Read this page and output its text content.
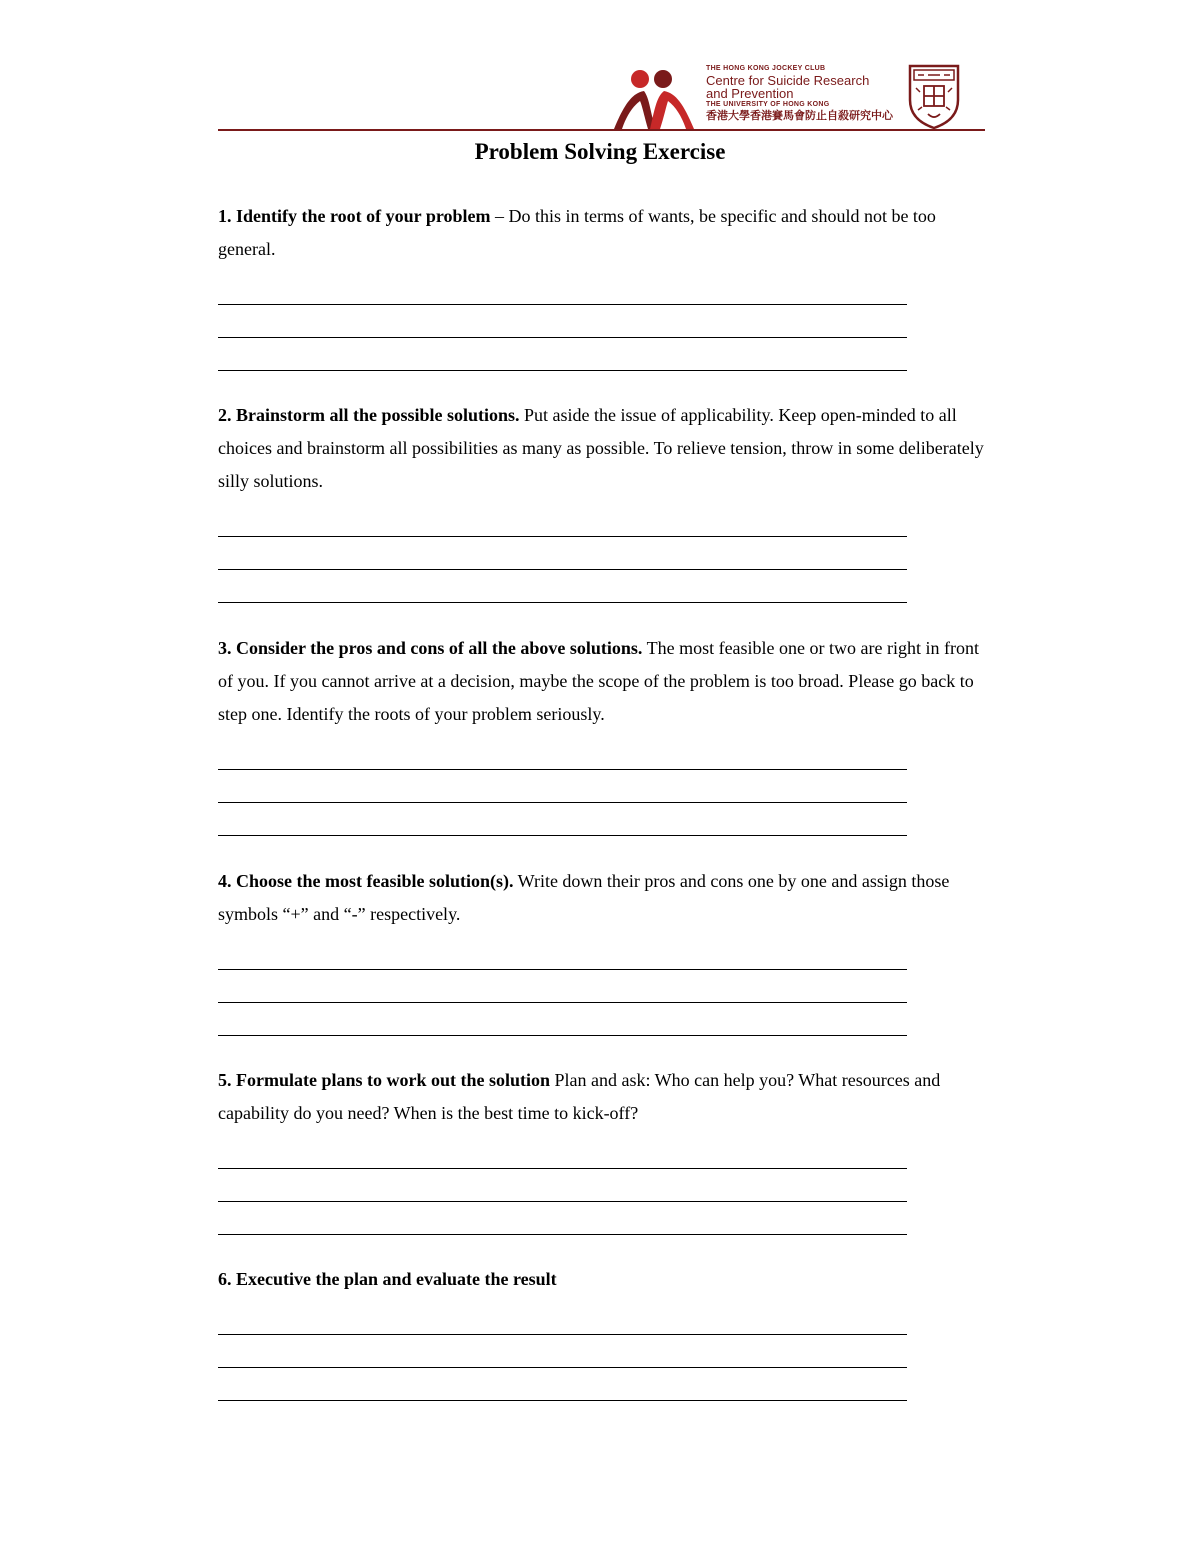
THE HONG KONG JOCKEY CLUB
Centre for Suicide Research
and Prevention
THE UNIVERSITY OF HONG KONG
香港大學香港賽馬會防止自殺研究中心
Problem Solving Exercise

1. Identify the root of your problem – Do this in terms of wants, be specific and should not be too general.

2. Brainstorm all the possible solutions. Put aside the issue of applicability. Keep open-minded to all choices and brainstorm all possibilities as many as possible. To relieve tension, throw in some deliberately silly solutions.

3. Consider the pros and cons of all the above solutions. The most feasible one or two are right in front of you. If you cannot arrive at a decision, maybe the scope of the problem is too broad. Please go back to step one. Identify the roots of your problem seriously.

4. Choose the most feasible solution(s). Write down their pros and cons one by one and assign those symbols “+” and “-” respectively.

5. Formulate plans to work out the solution Plan and ask: Who can help you? What resources and capability do you need? When is the best time to kick-off?

6. Executive the plan and evaluate the result
